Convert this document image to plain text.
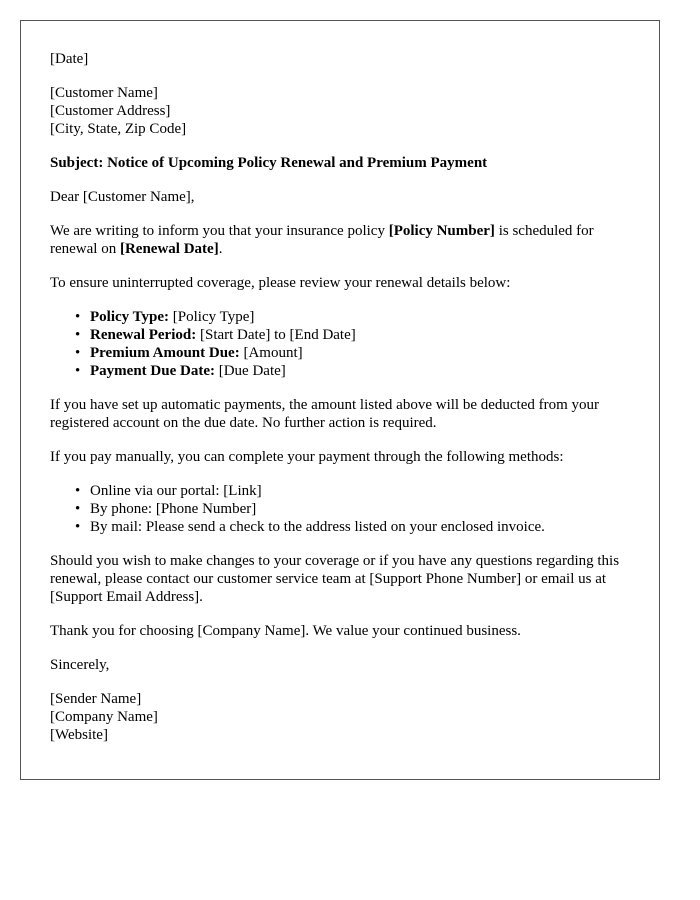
[Date]

[Customer Name]
[Customer Address]
[City, State, Zip Code]

Subject: Notice of Upcoming Policy Renewal and Premium Payment

Dear [Customer Name],

We are writing to inform you that your insurance policy [Policy Number] is scheduled for renewal on [Renewal Date].

To ensure uninterrupted coverage, please review your renewal details below:

• Policy Type: [Policy Type]
• Renewal Period: [Start Date] to [End Date]
• Premium Amount Due: [Amount]
• Payment Due Date: [Due Date]

If you have set up automatic payments, the amount listed above will be deducted from your registered account on the due date. No further action is required.

If you pay manually, you can complete your payment through the following methods:

• Online via our portal: [Link]
• By phone: [Phone Number]
• By mail: Please send a check to the address listed on your enclosed invoice.

Should you wish to make changes to your coverage or if you have any questions regarding this renewal, please contact our customer service team at [Support Phone Number] or email us at [Support Email Address].

Thank you for choosing [Company Name]. We value your continued business.

Sincerely,

[Sender Name]
[Company Name]
[Website]
